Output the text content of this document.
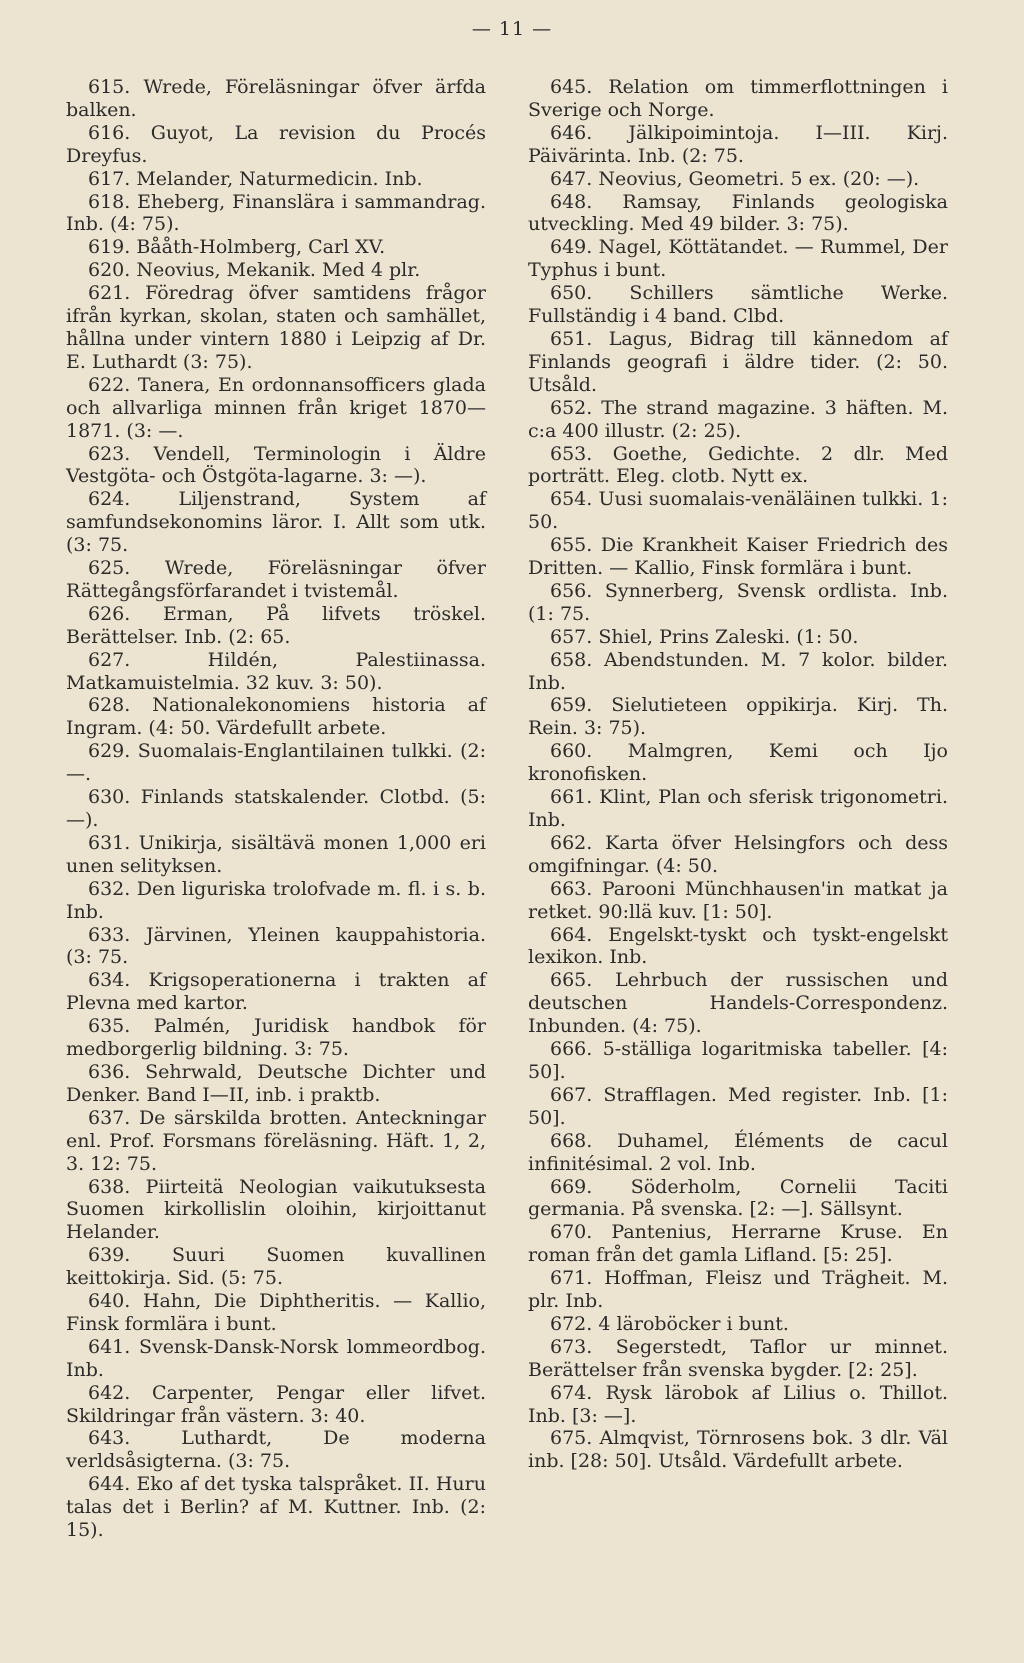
— 11 —

615. Wrede, Föreläsningar öfver ärfda balken.

616. Guyot, La revision du Procés Dreyfus.

617. Melander, Naturmedicin. Inb.

618. Eheberg, Finanslära i sammandrag. Inb. (4: 75).

619. Bååth-Holmberg, Carl XV.

620. Neovius, Mekanik. Med 4 plr.

621. Föredrag öfver samtidens frågor ifrån kyrkan, skolan, staten och samhället, hållna under vintern 1880 i Leipzig af Dr. E. Luthardt (3: 75).

622. Tanera, En ordonnansofficers glada och allvarliga minnen från kriget 1870—1871. (3: —.

623. Vendell, Terminologin i Äldre Vestgöta- och Östgöta-lagarne. 3: —).

624. Liljenstrand, System af samfundsekonomins läror. I. Allt som utk. (3: 75.

625. Wrede, Föreläsningar öfver Rättegångsförfarandet i tvistemål.

626. Erman, På lifvets tröskel. Berättelser. Inb. (2: 65.

627. Hildén, Palestiinassa. Matkamuistelmia. 32 kuv. 3: 50).

628. Nationalekonomiens historia af Ingram. (4: 50. Värdefullt arbete.

629. Suomalais-Englantilainen tulkki. (2: —.

630. Finlands statskalender. Clotbd. (5: —).

631. Unikirja, sisältävä monen 1,000 eri unen selityksen.

632. Den liguriska trolofvade m. fl. i s. b. Inb.

633. Järvinen, Yleinen kauppahistoria. (3: 75.

634. Krigsoperationerna i trakten af Plevna med kartor.

635. Palmén, Juridisk handbok för medborgerlig bildning. 3: 75.

636. Sehrwald, Deutsche Dichter und Denker. Band I—II, inb. i praktb.

637. De särskilda brotten. Anteckningar enl. Prof. Forsmans föreläsning. Häft. 1, 2, 3. 12: 75.

638. Piirteitä Neologian vaikutuksesta Suomen kirkollislin oloihin, kirjoittanut Helander.

639. Suuri Suomen kuvallinen keittokirja. Sid. (5: 75.

640. Hahn, Die Diphtheritis. — Kallio, Finsk formlära i bunt.

641. Svensk-Dansk-Norsk lommeordbog. Inb.

642. Carpenter, Pengar eller lifvet. Skildringar från västern. 3: 40.

643. Luthardt, De moderna verldsåsigterna. (3: 75.

644. Eko af det tyska talspråket. II. Huru talas det i Berlin? af M. Kuttner. Inb. (2: 15).

645. Relation om timmerflottningen i Sverige och Norge.

646. Jälkipoimintoja. I—III. Kirj. Päivärinta. Inb. (2: 75.

647. Neovius, Geometri. 5 ex. (20: —).

648. Ramsay, Finlands geologiska utveckling. Med 49 bilder. 3: 75).

649. Nagel, Köttätandet. — Rummel, Der Typhus i bunt.

650. Schillers sämtliche Werke. Fullständig i 4 band. Clbd.

651. Lagus, Bidrag till kännedom af Finlands geografi i äldre tider. (2: 50. Utsåld.

652. The strand magazine. 3 häften. M. c:a 400 illustr. (2: 25).

653. Goethe, Gedichte. 2 dlr. Med porträtt. Eleg. clotb. Nytt ex.

654. Uusi suomalais-venäläinen tulkki. 1: 50.

655. Die Krankheit Kaiser Friedrich des Dritten. — Kallio, Finsk formlära i bunt.

656. Synnerberg, Svensk ordlista. Inb. (1: 75.

657. Shiel, Prins Zaleski. (1: 50.

658. Abendstunden. M. 7 kolor. bilder. Inb.

659. Sielutieteen oppikirja. Kirj. Th. Rein. 3: 75).

660. Malmgren, Kemi och Ijo kronofisken.

661. Klint, Plan och sferisk trigonometri. Inb.

662. Karta öfver Helsingfors och dess omgifningar. (4: 50.

663. Parooni Münchhausen'in matkat ja retket. 90:llä kuv. [1: 50].

664. Engelskt-tyskt och tyskt-engelskt lexikon. Inb.

665. Lehrbuch der russischen und deutschen Handels-Correspondenz. Inbunden. (4: 75).

666. 5-ställiga logaritmiska tabeller. [4: 50].

667. Strafflagen. Med register. Inb. [1: 50].

668. Duhamel, Éléments de cacul infinitésimal. 2 vol. Inb.

669. Söderholm, Cornelii Taciti germania. På svenska. [2: —]. Sällsynt.

670. Pantenius, Herrarne Kruse. En roman från det gamla Lifland. [5: 25].

671. Hoffman, Fleisz und Trägheit. M. plr. Inb.

672. 4 läroböcker i bunt.

673. Segerstedt, Taflor ur minnet. Berättelser från svenska bygder. [2: 25].

674. Rysk lärobok af Lilius o. Thillot. Inb. [3: —].

675. Almqvist, Törnrosens bok. 3 dlr. Väl inb. [28: 50]. Utsåld. Värdefullt arbete.
